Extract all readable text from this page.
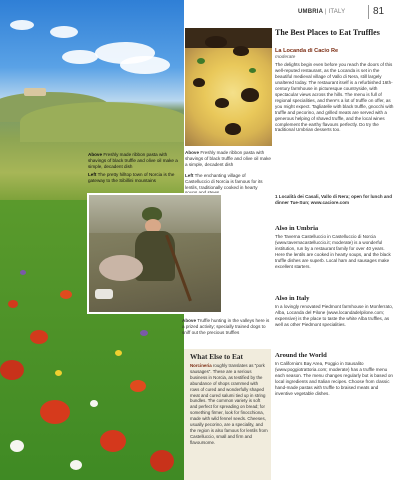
UMBRIA | ITALY	81
Above Freshly made ribbon pasta with shavings of black truffle and olive oil make a simple, decadent dish
Left The pretty hilltop town of Norcia is the gateway to the Sibillini mountains
Above Freshly made ribbon pasta with shavings of black truffle and olive oil make a simple, decadent dish
Left The enchanting village of Castelluccio di Norcia is famous for its lentils, traditionally cooked in hearty
Above Truffle hunting in the valleys here is a prized activity; specially trained dogs to sniff out the precious truffles
What Else to Eat
Norcineria roughly translates as "pork sausages". These are a serious business in Norcia, as testified by the abundance of shops crammed with rows of cured and wonderfully shaped meat and cured salumi tied up in string bundles. The common variety is soft and perfect for spreading on bread; for something firmer, look for finocchiona, made with wild fennel seeds. Cheeses, usually pecorino, are a speciality, and the region is also famous for lentils from Castelluccio, small and firm and flavoursome.
The Best Places to Eat Truffles
La Locanda di Cacio Re
moderate
The delights begin even before you reach the doors of this well-reputed restaurant, as the Locanda is set in the beautiful medieval village of Vallo di Nera, still largely unaltered today. The restaurant itself is a refurbished 16th-century farmhouse in picturesque countryside, with spectacular views across the hills. The menu is full of regional specialities, and there's a lot of truffle on offer, as you might expect. Tagliatelle with black truffle, gnocchi with truffle and pecorino, and grilled meats are served with a generous helping of shaved truffle, and the local wines complement the earthy flavours perfectly. Do try the traditional Umbrian desserts too.
1 Località dei Casali, Vallo di Nera; open for lunch and dinner Tue-Sun; www.caciore.com
Also in Umbria
The Taverna Castelluccio in Castelluccio di Norcia (www.tavernacastelluccio.it; moderate) is a wonderful institution, run by a restaurant family for over 40 years. Here the lentils are cooked in hearty soups, and the black truffle dishes are superb. Local ham and sausages make excellent starters.
Also in Italy
In a lovingly renovated Piedmont farmhouse in Monferrato, Alba, Locanda del Pilone (www.locandadelpilone.com; expensive) is the place to taste the white Alba truffles, as well as other Piedmont specialities.
Around the World
In California's Bay Area, Poggio in Sausalito (www.poggiotrattoria.com; moderate) has a truffle menu each season. The menu changes regularly but is based on local ingredients and Italian recipes. Choose from classic hand-made pastas with truffle to braised meats and inventive vegetable dishes.
